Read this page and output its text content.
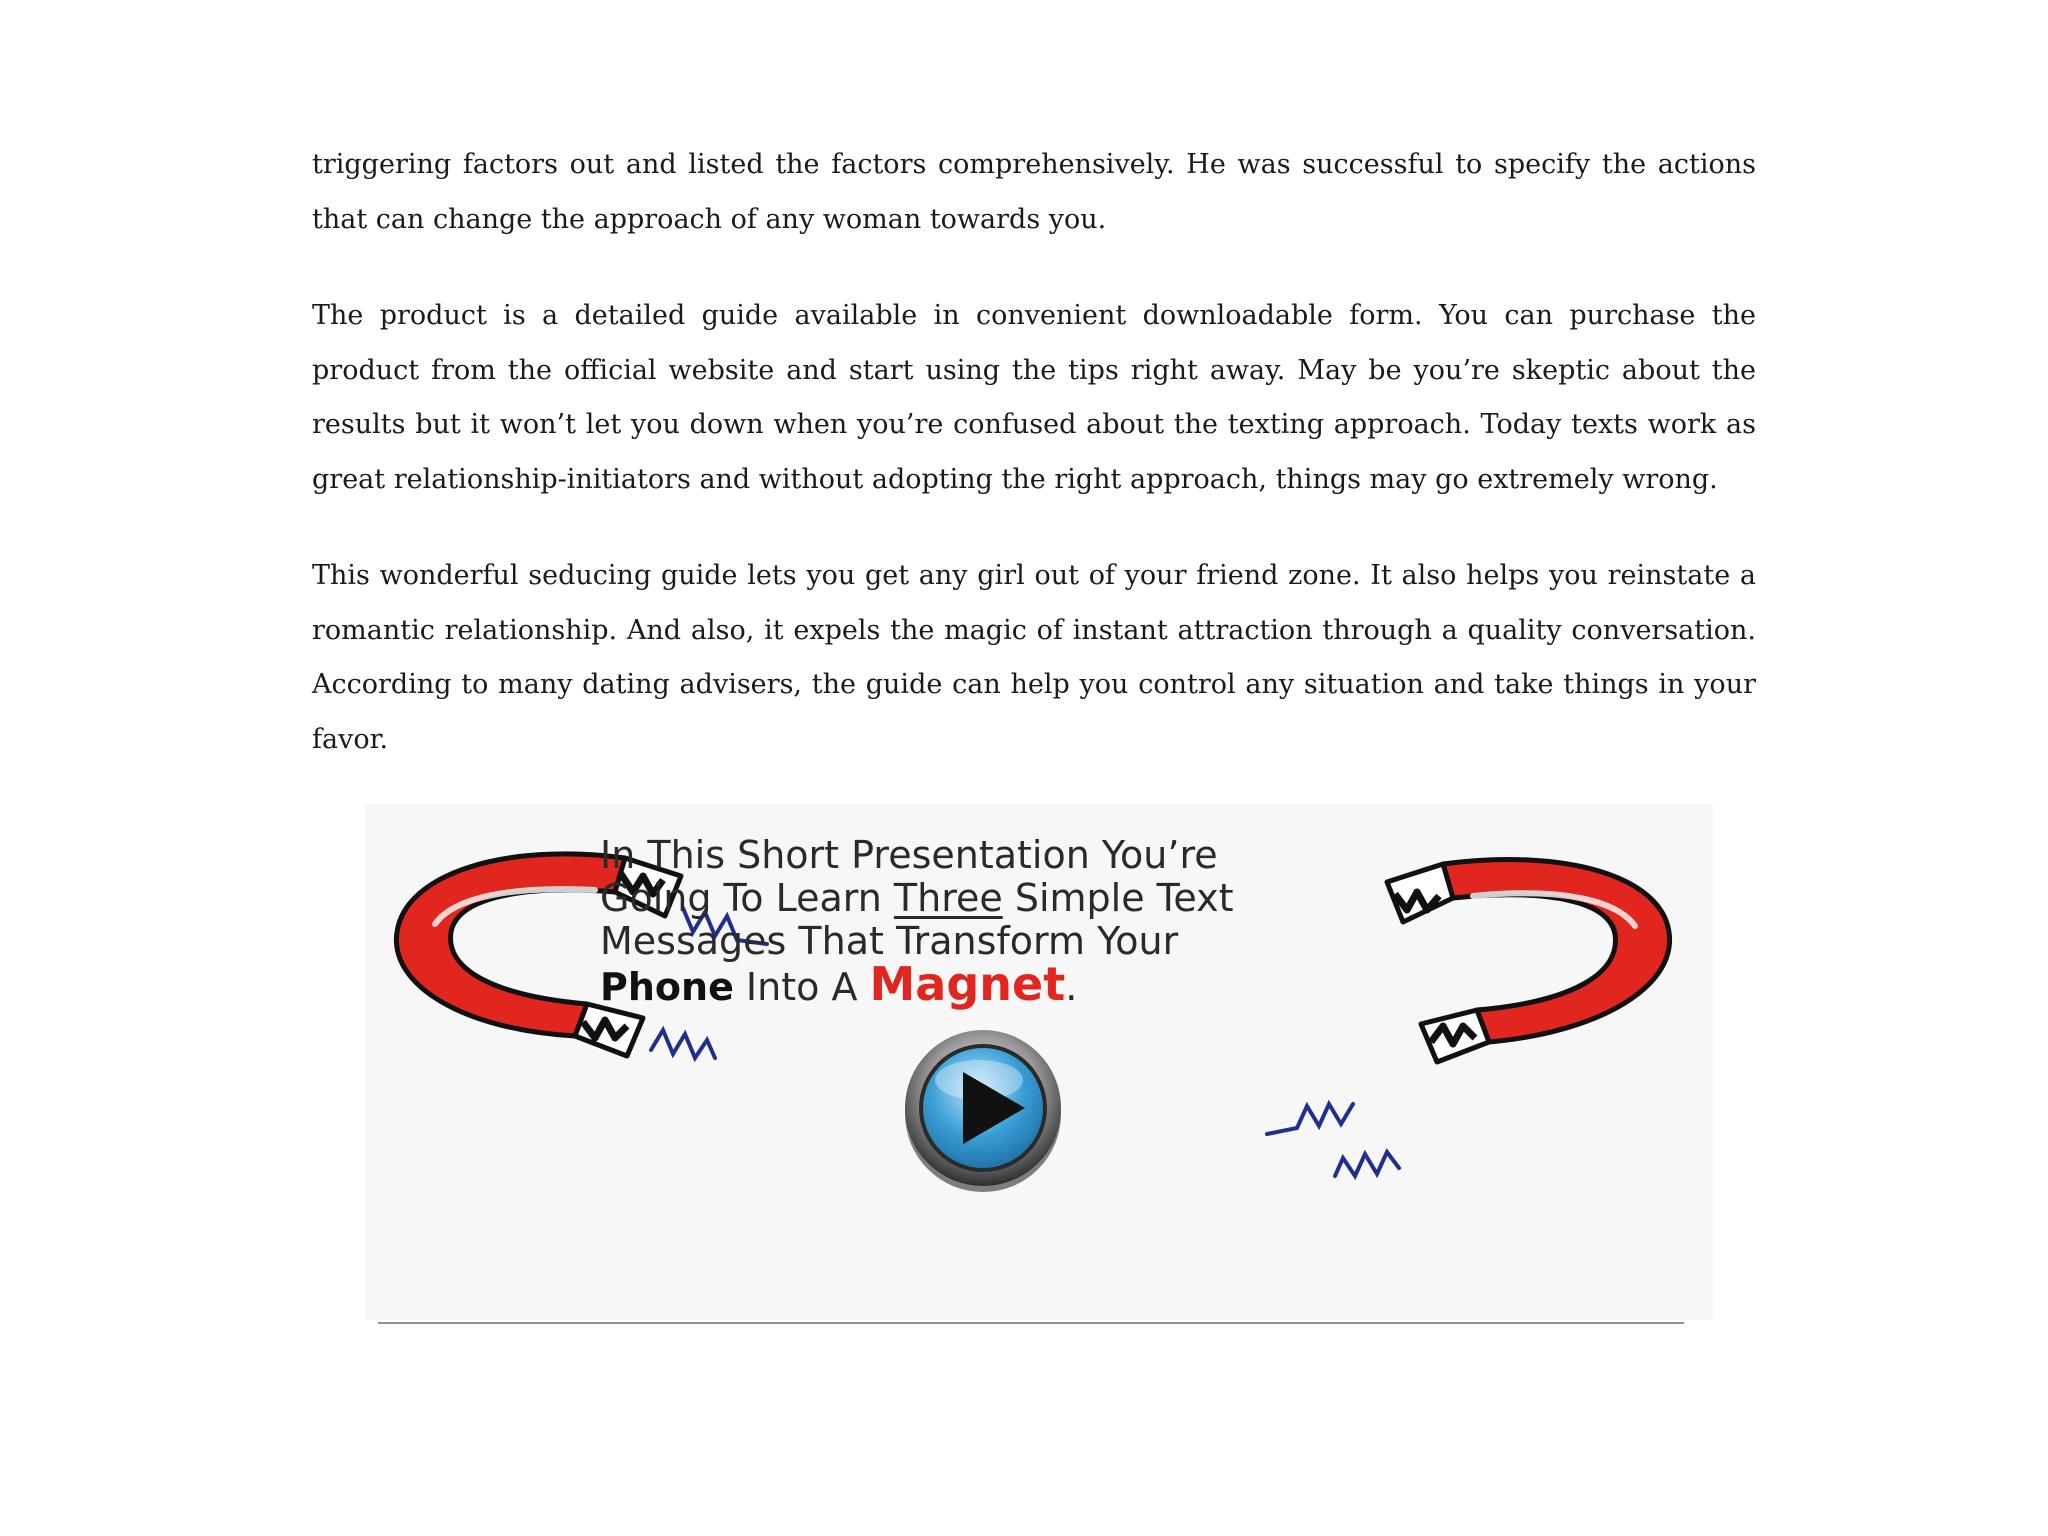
triggering factors out and listed the factors comprehensively. He was successful to specify the actions that can change the approach of any woman towards you.

The product is a detailed guide available in convenient downloadable form. You can purchase the product from the official website and start using the tips right away. May be you’re skeptic about the results but it won’t let you down when you’re confused about the texting approach. Today texts work as great relationship-initiators and without adopting the right approach, things may go extremely wrong.

This wonderful seducing guide lets you get any girl out of your friend zone. It also helps you reinstate a romantic relationship. And also, it expels the magic of instant attraction through a quality conversation. According to many dating advisers, the guide can help you control any situation and take things in your favor.

In This Short Presentation You’re
Going To Learn Three Simple Text
Messages That Transform Your
Phone Into A Magnet.
